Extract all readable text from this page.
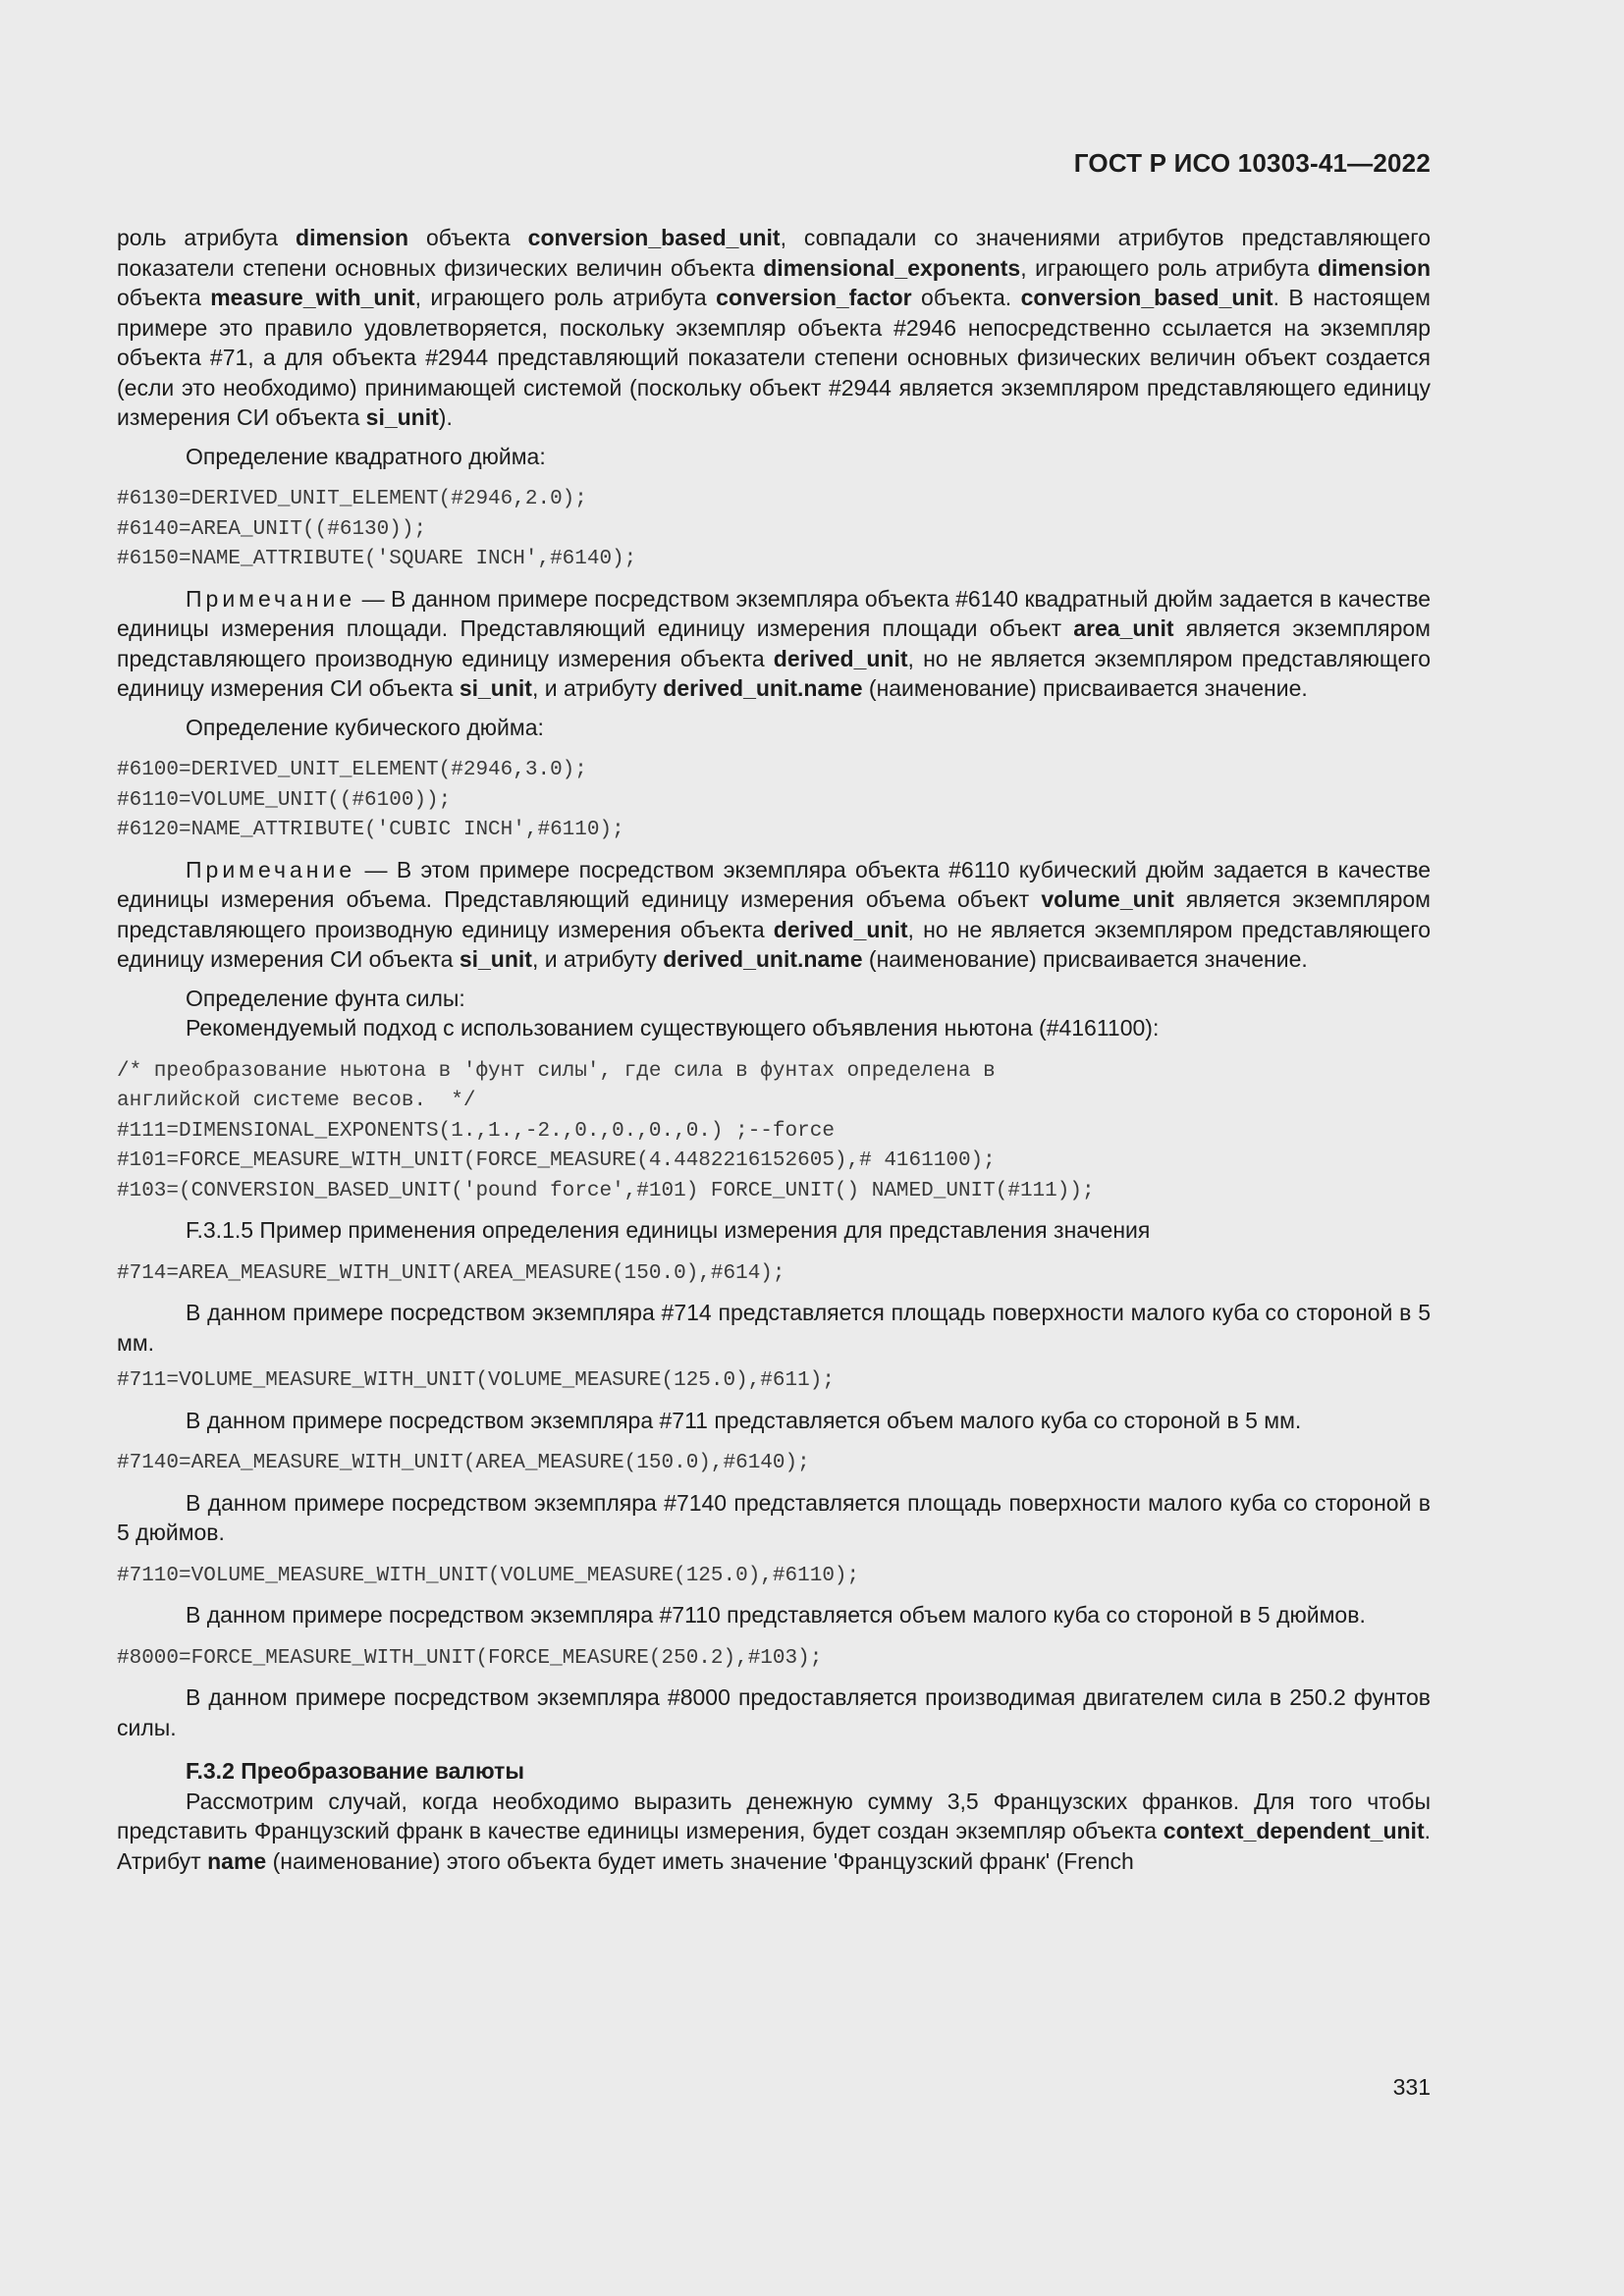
ГОСТ Р ИСО 10303-41—2022

роль атрибута dimension объекта conversion_based_unit, совпадали со значениями атрибутов представляющего показатели степени основных физических величин объекта dimensional_exponents, играющего роль атрибута dimension объекта measure_with_unit, играющего роль атрибута conversion_factor объекта. conversion_based_unit. В настоящем примере это правило удовлетворяется, поскольку экземпляр объекта #2946 непосредственно ссылается на экземпляр объекта #71, а для объекта #2944 представляющий показатели степени основных физических величин объект создается (если это необходимо) принимающей системой (поскольку объект #2944 является экземпляром представляющего единицу измерения СИ объекта si_unit).

Определение квадратного дюйма:

#6130=DERIVED_UNIT_ELEMENT(#2946,2.0);
#6140=AREA_UNIT((#6130));
#6150=NAME_ATTRIBUTE('SQUARE INCH',#6140);

Примечание — В данном примере посредством экземпляра объекта #6140 квадратный дюйм задается в качестве единицы измерения площади. Представляющий единицу измерения площади объект area_unit является экземпляром представляющего производную единицу измерения объекта derived_unit, но не является экземпляром представляющего единицу измерения СИ объекта si_unit, и атрибуту derived_unit.name (наименование) присваивается значение.

Определение кубического дюйма:

#6100=DERIVED_UNIT_ELEMENT(#2946,3.0);
#6110=VOLUME_UNIT((#6100));
#6120=NAME_ATTRIBUTE('CUBIC INCH',#6110);

Примечание — В этом примере посредством экземпляра объекта #6110 кубический дюйм задается в качестве единицы измерения объема. Представляющий единицу измерения объема объект volume_unit является экземпляром представляющего производную единицу измерения объекта derived_unit, но не является экземпляром представляющего единицу измерения СИ объекта si_unit, и атрибуту derived_unit.name (наименование) присваивается значение.

Определение фунта силы:

Рекомендуемый подход с использованием существующего объявления ньютона (#4161100):

/* преобразование ньютона в 'фунт силы', где сила в фунтах определена в
английской системе весов.  */
#111=DIMENSIONAL_EXPONENTS(1.,1.,-2.,0.,0.,0.,0.) ;--force
#101=FORCE_MEASURE_WITH_UNIT(FORCE_MEASURE(4.4482216152605),# 4161100);
#103=(CONVERSION_BASED_UNIT('pound force',#101) FORCE_UNIT() NAMED_UNIT(#111));

F.3.1.5 Пример применения определения единицы измерения для представления значения

#714=AREA_MEASURE_WITH_UNIT(AREA_MEASURE(150.0),#614);

В данном примере посредством экземпляра #714 представляется площадь поверхности малого куба со стороной в 5 мм.

#711=VOLUME_MEASURE_WITH_UNIT(VOLUME_MEASURE(125.0),#611);

В данном примере посредством экземпляра #711 представляется объем малого куба со стороной в 5 мм.

#7140=AREA_MEASURE_WITH_UNIT(AREA_MEASURE(150.0),#6140);

В данном примере посредством экземпляра #7140 представляется площадь поверхности малого куба со стороной в 5 дюймов.

#7110=VOLUME_MEASURE_WITH_UNIT(VOLUME_MEASURE(125.0),#6110);

В данном примере посредством экземпляра #7110 представляется объем малого куба со стороной в 5 дюймов.

#8000=FORCE_MEASURE_WITH_UNIT(FORCE_MEASURE(250.2),#103);

В данном примере посредством экземпляра #8000 предоставляется производимая двигателем сила в 250.2 фунтов силы.

F.3.2 Преобразование валюты

Рассмотрим случай, когда необходимо выразить денежную сумму 3,5 Французских франков. Для того чтобы представить Французский франк в качестве единицы измерения, будет создан экземпляр объекта context_dependent_unit. Атрибут name (наименование) этого объекта будет иметь значение 'Французский франк' (French

331
